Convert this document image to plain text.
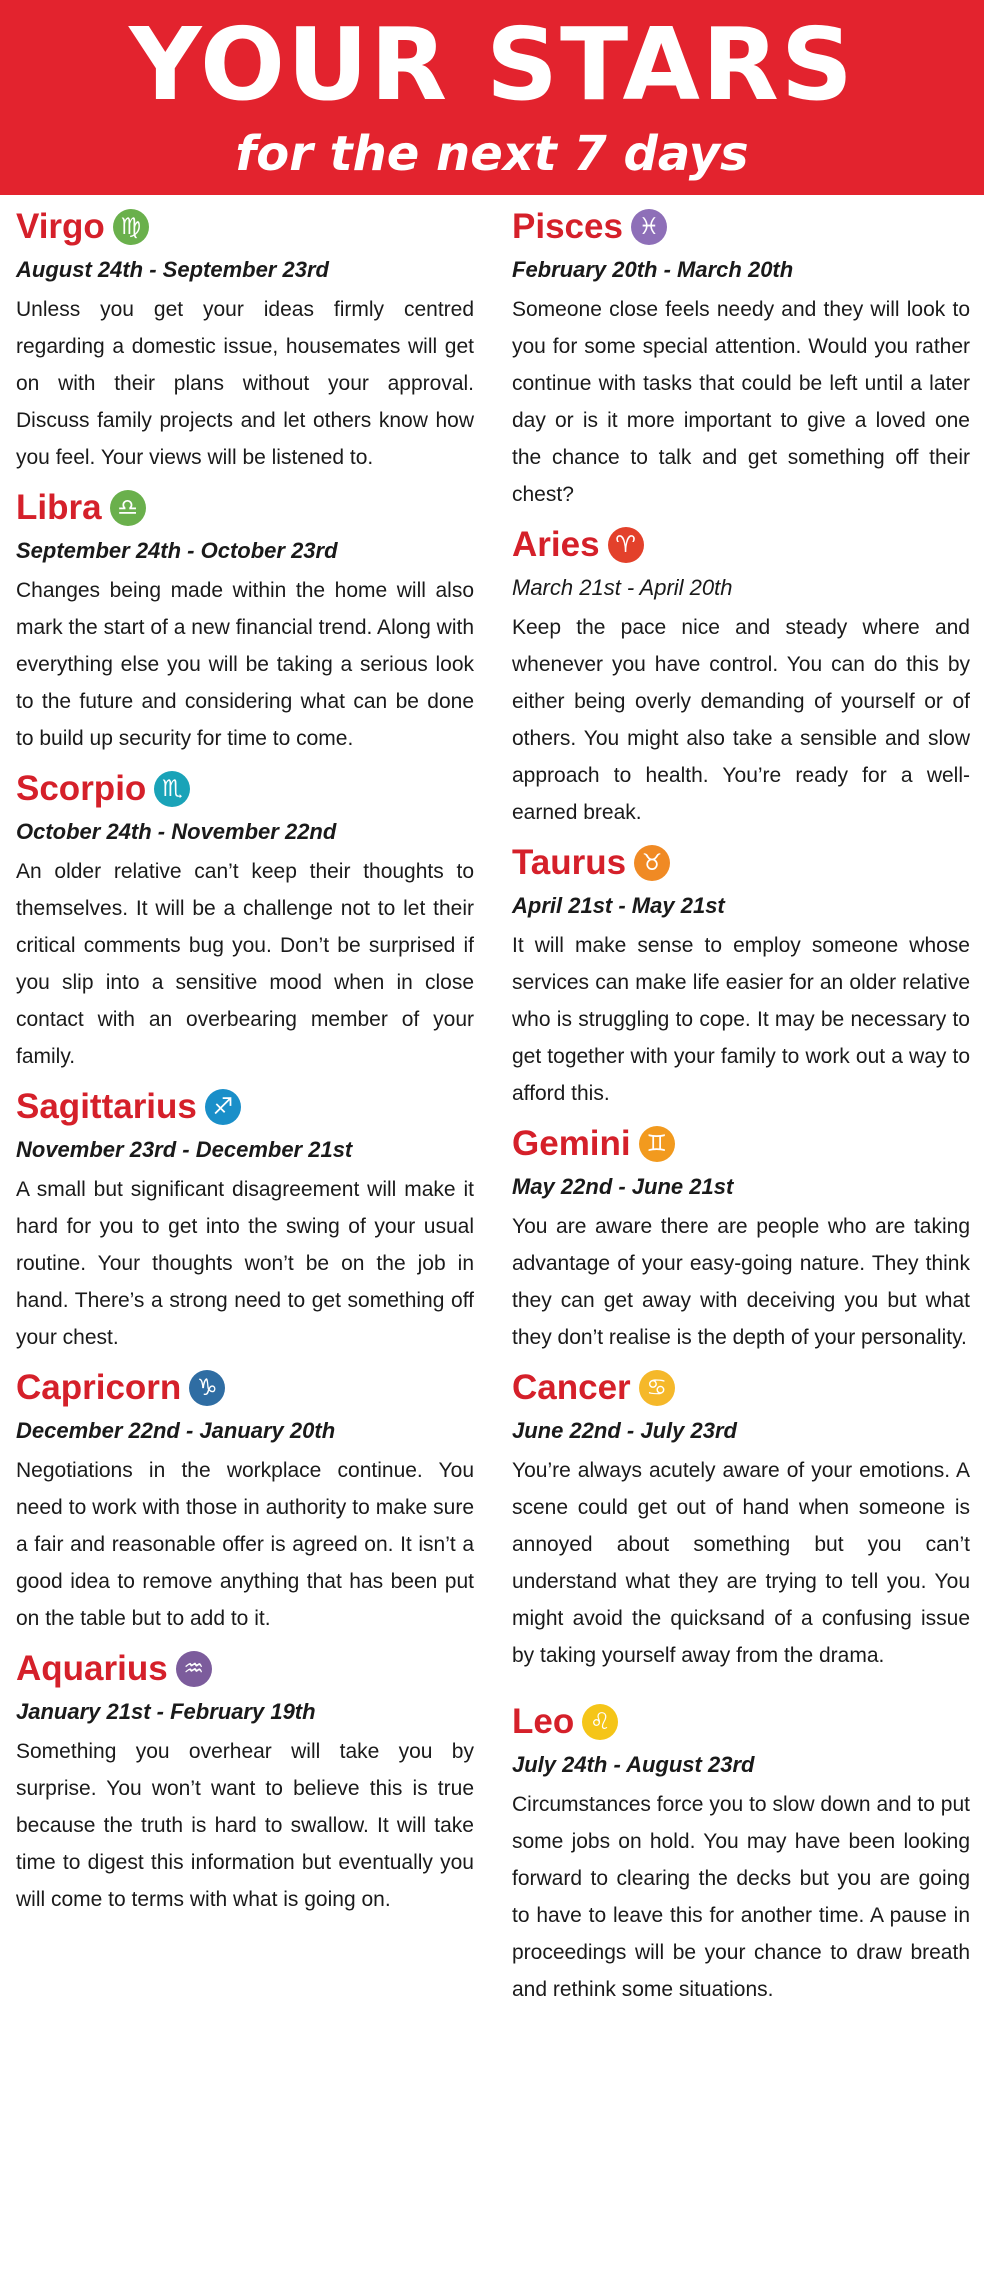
YOUR STARS
for the next 7 days
Virgo ♍
August 24th - September 23rd
Unless you get your ideas firmly centred regarding a domestic issue, housemates will get on with their plans without your approval. Discuss family projects and let others know how you feel. Your views will be listened to.
Libra ♎
September 24th - October 23rd
Changes being made within the home will also mark the start of a new financial trend. Along with everything else you will be taking a serious look to the future and considering what can be done to build up security for time to come.
Scorpio ♏
October 24th - November 22nd
An older relative can’t keep their thoughts to themselves. It will be a challenge not to let their critical comments bug you. Don’t be surprised if you slip into a sensitive mood when in close contact with an overbearing member of your family.
Sagittarius ♐
November 23rd - December 21st
A small but significant disagreement will make it hard for you to get into the swing of your usual routine. Your thoughts won’t be on the job in hand. There’s a strong need to get something off your chest.
Capricorn ♑
December 22nd - January 20th
Negotiations in the workplace continue. You need to work with those in authority to make sure a fair and reasonable offer is agreed on. It isn’t a good idea to remove anything that has been put on the table but to add to it.
Aquarius ♒
January 21st - February 19th
Something you overhear will take you by surprise. You won’t want to believe this is true because the truth is hard to swallow. It will take time to digest this information but eventually you will come to terms with what is going on.
Pisces ♓
February 20th - March 20th
Someone close feels needy and they will look to you for some special attention. Would you rather continue with tasks that could be left until a later day or is it more important to give a loved one the chance to talk and get something off their chest?
Aries ♈
March 21st - April 20th
Keep the pace nice and steady where and whenever you have control. You can do this by either being overly demanding of yourself or of others. You might also take a sensible and slow approach to health. You’re ready for a well-earned break.
Taurus ♉
April 21st - May 21st
It will make sense to employ someone whose services can make life easier for an older relative who is struggling to cope. It may be necessary to get together with your family to work out a way to afford this.
Gemini ♊
May 22nd - June 21st
You are aware there are people who are taking advantage of your easy-going nature. They think they can get away with deceiving you but what they don’t realise is the depth of your personality.
Cancer ♋
June 22nd - July 23rd
You’re always acutely aware of your emotions. A scene could get out of hand when someone is annoyed about something but you can’t understand what they are trying to tell you. You might avoid the quicksand of a confusing issue by taking yourself away from the drama.
Leo ♌
July 24th - August 23rd
Circumstances force you to slow down and to put some jobs on hold. You may have been looking forward to clearing the decks but you are going to have to leave this for another time. A pause in proceedings will be your chance to draw breath and rethink some situations.
